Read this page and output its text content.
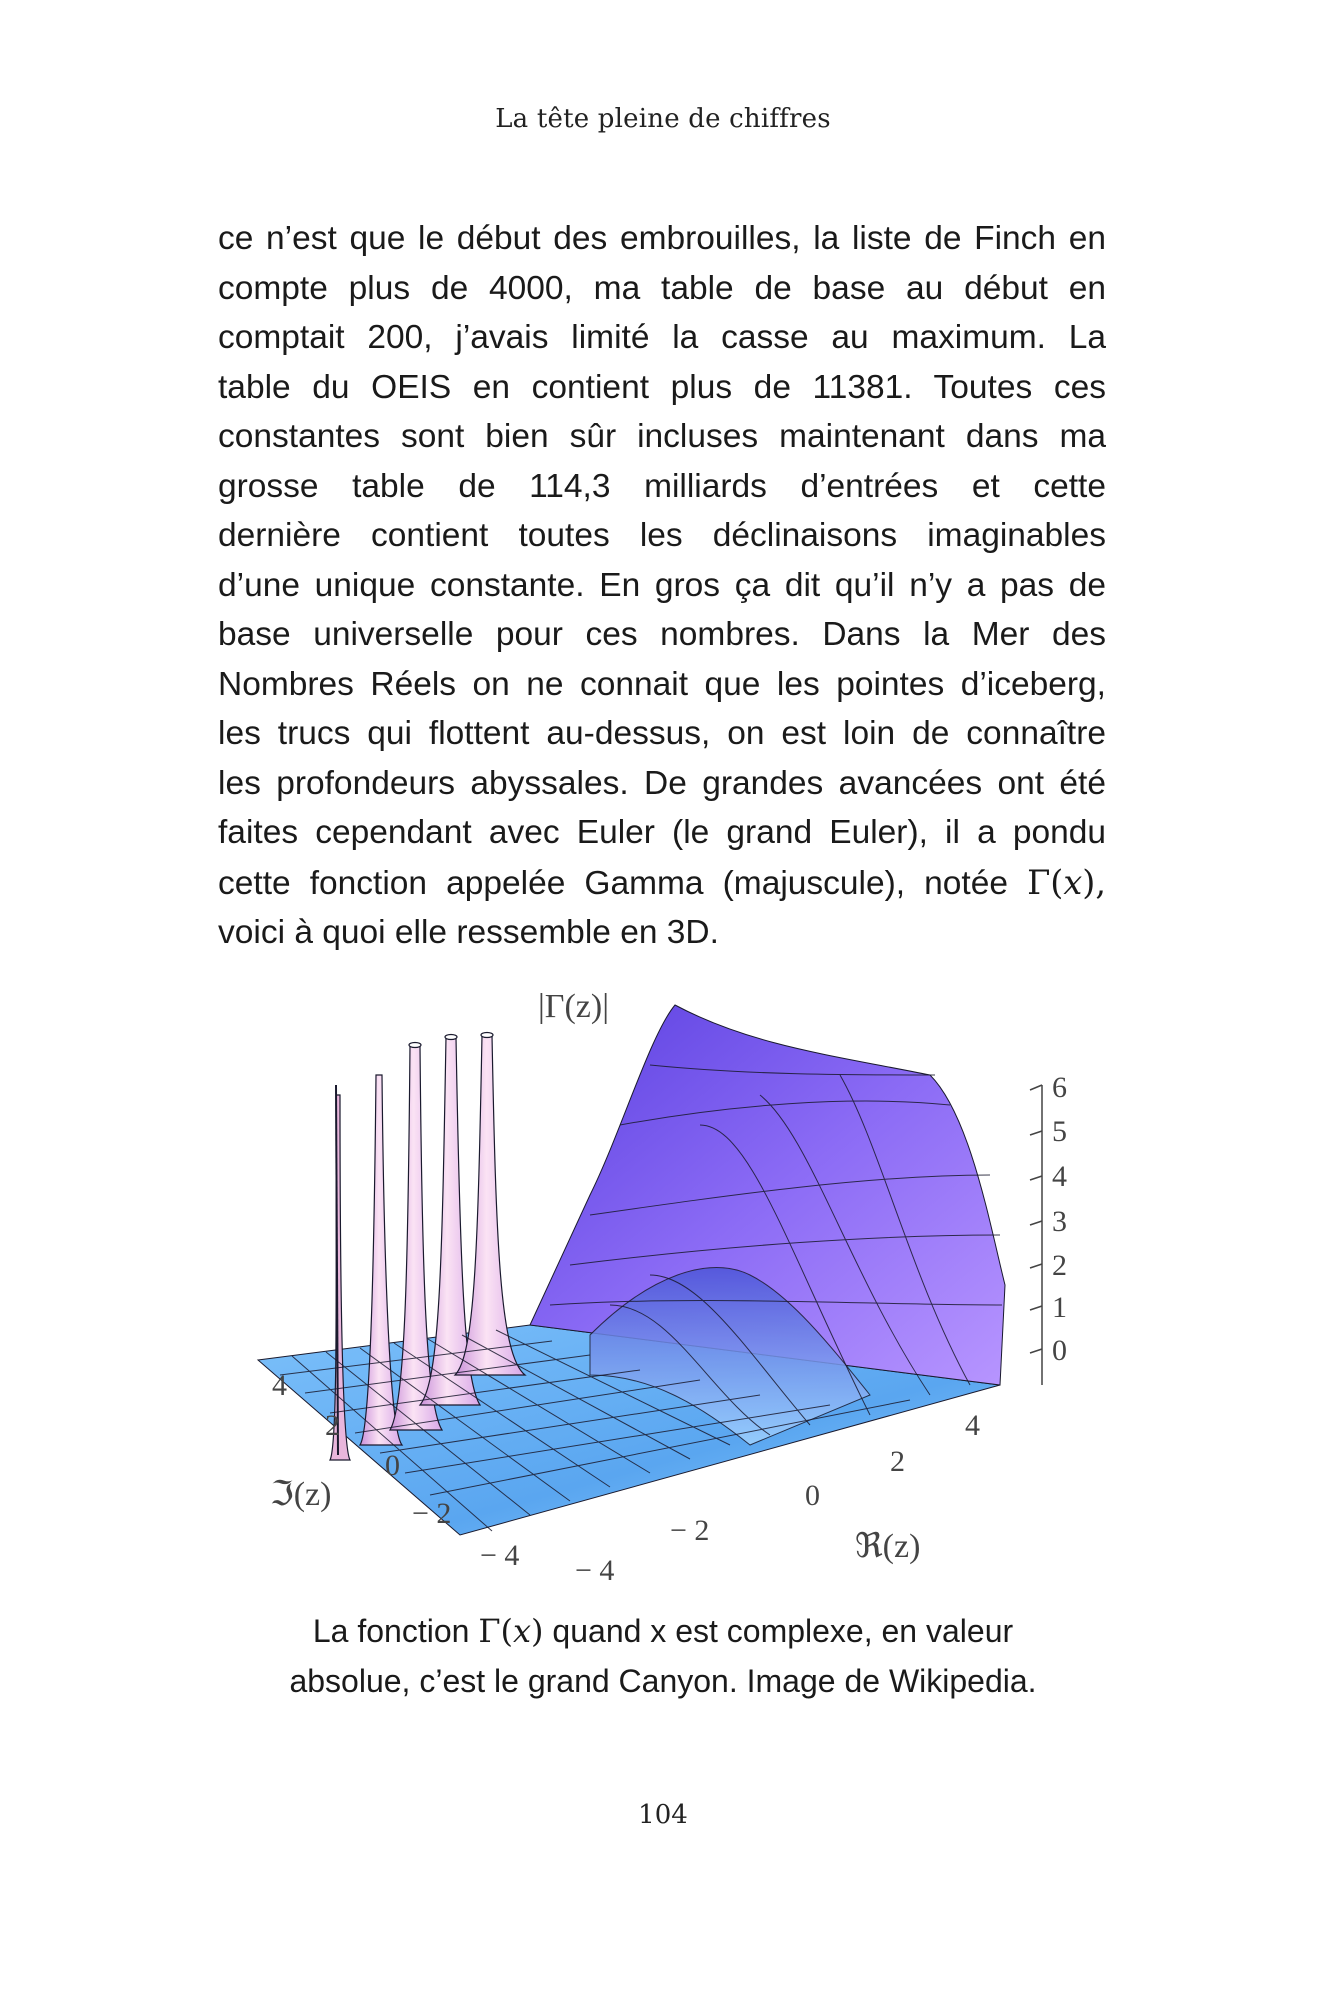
La tête pleine de chiffres
ce n’est que le début des embrouilles, la liste de Finch en
compte plus de 4000, ma table de base au début en
comptait 200, j’avais limité la casse au maximum. La
table du OEIS en contient plus de 11381. Toutes ces
constantes sont bien sûr incluses maintenant dans ma
grosse table de 114,3 milliards d’entrées et cette
dernière contient toutes les déclinaisons imaginables
d’une unique constante. En gros ça dit qu’il n’y a pas de
base universelle pour ces nombres. Dans la Mer des
Nombres Réels on ne connait que les pointes d’iceberg,
les trucs qui flottent au-dessus, on est loin de connaître
les profondeurs abyssales. De grandes avancées ont été
faites cependant avec Euler (le grand Euler), il a pondu
cette fonction appelée Gamma (majuscule), notée Γ(𝑥),
voici à quoi elle ressemble en 3D.
6
5
4
3
2
1
0
|Γ(z)|
4
2
0
− 2
− 4
ℑ(z)
− 4
− 2
0
2
4
ℜ(z)
La fonction Γ(𝑥) quand x est complexe, en valeur
absolue, c’est le grand Canyon. Image de Wikipedia.
104
